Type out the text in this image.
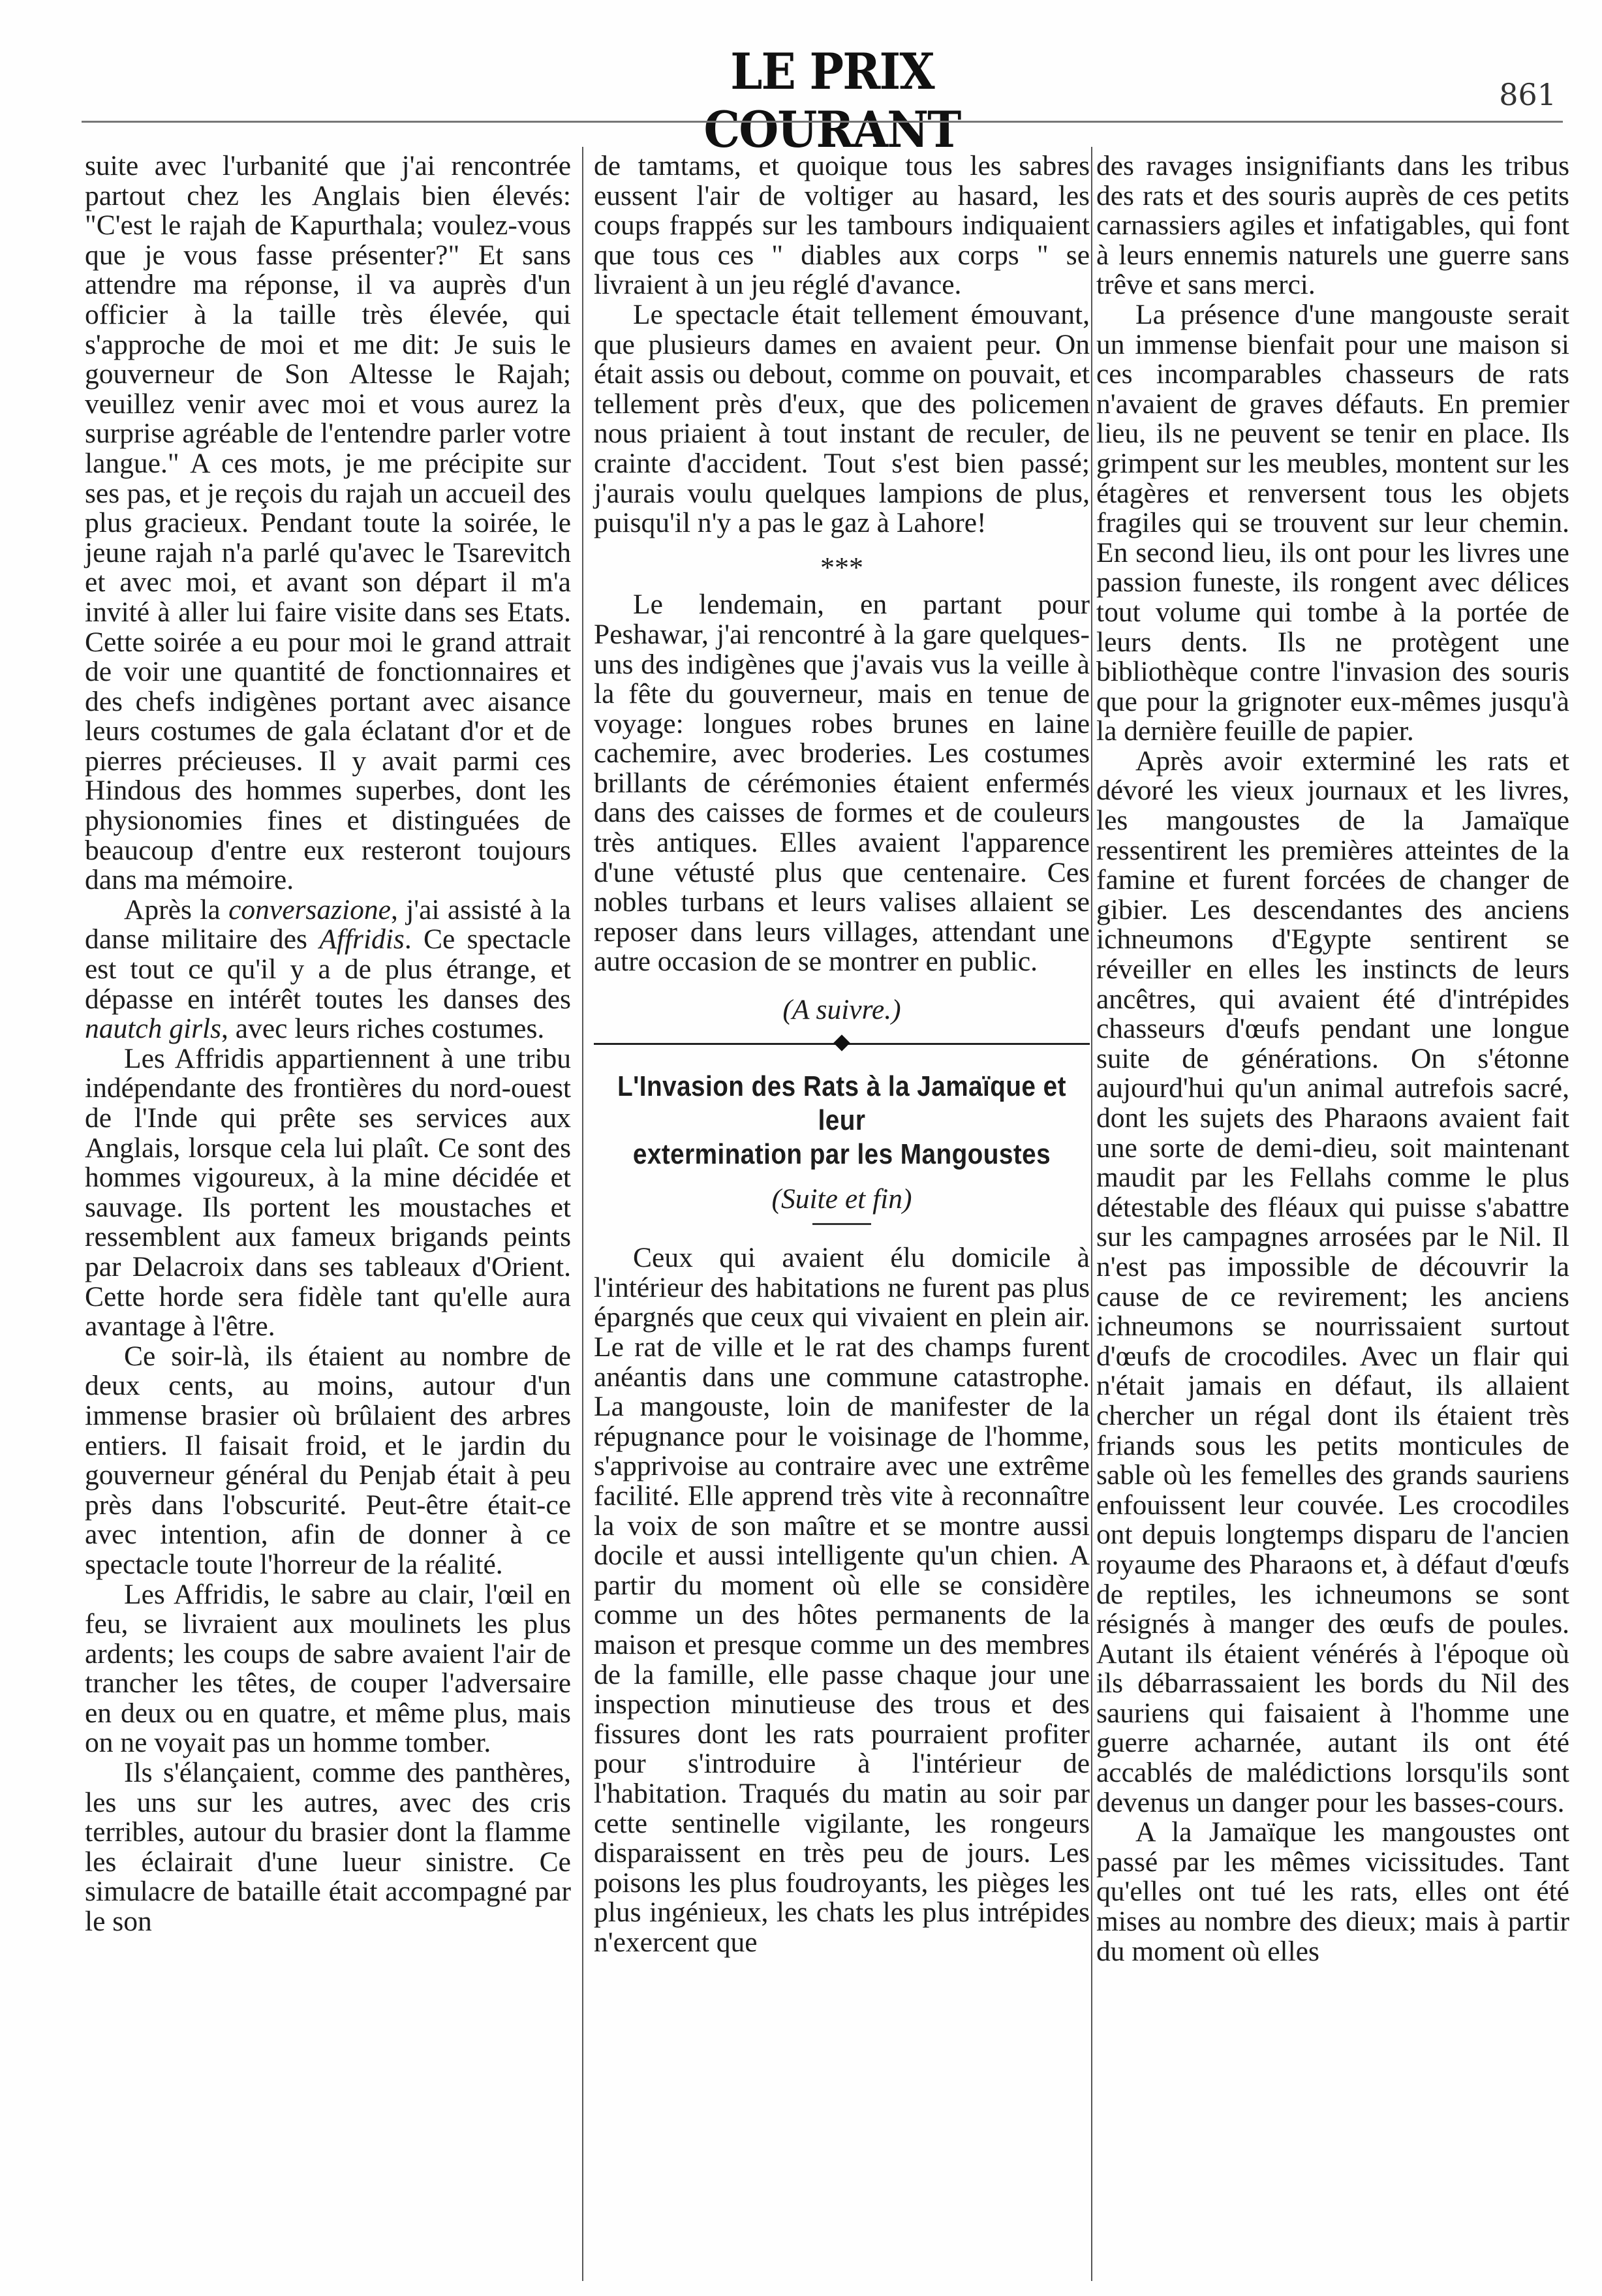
LE PRIX COURANT
861

suite avec l'urbanité que j'ai rencontrée partout chez les Anglais bien élevés: "C'est le rajah de Kapurthala; voulez-vous que je vous fasse présenter?" Et sans attendre ma réponse, il va auprès d'un officier à la taille très élevée, qui s'approche de moi et me dit: Je suis le gouverneur de Son Altesse le Rajah; veuillez venir avec moi et vous aurez la surprise agréable de l'entendre parler votre langue." A ces mots, je me précipite sur ses pas, et je reçois du rajah un accueil des plus gracieux. Pendant toute la soirée, le jeune rajah n'a parlé qu'avec le Tsarevitch et avec moi, et avant son départ il m'a invité à aller lui faire visite dans ses Etats. Cette soirée a eu pour moi le grand attrait de voir une quantité de fonctionnaires et des chefs indigènes portant avec aisance leurs costumes de gala éclatant d'or et de pierres précieuses. Il y avait parmi ces Hindous des hommes superbes, dont les physionomies fines et distinguées de beaucoup d'entre eux resteront toujours dans ma mémoire.

Après la conversazione, j'ai assisté à la danse militaire des Affridis. Ce spectacle est tout ce qu'il y a de plus étrange, et dépasse en intérêt toutes les danses des nautch girls, avec leurs riches costumes.

Les Affridis appartiennent à une tribu indépendante des frontières du nord-ouest de l'Inde qui prête ses services aux Anglais, lorsque cela lui plaît. Ce sont des hommes vigoureux, à la mine décidée et sauvage. Ils portent les moustaches et ressemblent aux fameux brigands peints par Delacroix dans ses tableaux d'Orient. Cette horde sera fidèle tant qu'elle aura avantage à l'être.

Ce soir-là, ils étaient au nombre de deux cents, au moins, autour d'un immense brasier où brûlaient des arbres entiers. Il faisait froid, et le jardin du gouverneur général du Penjab était à peu près dans l'obscurité. Peut-être était-ce avec intention, afin de donner à ce spectacle toute l'horreur de la réalité.

Les Affridis, le sabre au clair, l'œil en feu, se livraient aux moulinets les plus ardents; les coups de sabre avaient l'air de trancher les têtes, de couper l'adversaire en deux ou en quatre, et même plus, mais on ne voyait pas un homme tomber.

Ils s'élançaient, comme des panthères, les uns sur les autres, avec des cris terribles, autour du brasier dont la flamme les éclairait d'une lueur sinistre. Ce simulacre de bataille était accompagné par le son

de tamtams, et quoique tous les sabres eussent l'air de voltiger au hasard, les coups frappés sur les tambours indiquaient que tous ces " diables aux corps " se livraient à un jeu réglé d'avance.

Le spectacle était tellement émouvant, que plusieurs dames en avaient peur. On était assis ou debout, comme on pouvait, et tellement près d'eux, que des policemen nous priaient à tout instant de reculer, de crainte d'accident. Tout s'est bien passé; j'aurais voulu quelques lampions de plus, puisqu'il n'y a pas le gaz à Lahore!

***

Le lendemain, en partant pour Peshawar, j'ai rencontré à la gare quelques-uns des indigènes que j'avais vus la veille à la fête du gouverneur, mais en tenue de voyage: longues robes brunes en laine cachemire, avec broderies. Les costumes brillants de cérémonies étaient enfermés dans des caisses de formes et de couleurs très antiques. Elles avaient l'apparence d'une vétusté plus que centenaire. Ces nobles turbans et leurs valises allaient se reposer dans leurs villages, attendant une autre occasion de se montrer en public.

(A suivre.)
L'Invasion des Rats à la Jamaïque et leur
extermination par les Mangoustes
(Suite et fin)

Ceux qui avaient élu domicile à l'intérieur des habitations ne furent pas plus épargnés que ceux qui vivaient en plein air. Le rat de ville et le rat des champs furent anéantis dans une commune catastrophe. La mangouste, loin de manifester de la répugnance pour le voisinage de l'homme, s'apprivoise au contraire avec une extrême facilité. Elle apprend très vite à reconnaître la voix de son maître et se montre aussi docile et aussi intelligente qu'un chien. A partir du moment où elle se considère comme un des hôtes permanents de la maison et presque comme un des membres de la famille, elle passe chaque jour une inspection minutieuse des trous et des fissures dont les rats pourraient profiter pour s'introduire à l'intérieur de l'habitation. Traqués du matin au soir par cette sentinelle vigilante, les rongeurs disparaissent en très peu de jours. Les poisons les plus foudroyants, les pièges les plus ingénieux, les chats les plus intrépides n'exercent que

des ravages insignifiants dans les tribus des rats et des souris auprès de ces petits carnassiers agiles et infatigables, qui font à leurs ennemis naturels une guerre sans trêve et sans merci.

La présence d'une mangouste serait un immense bienfait pour une maison si ces incomparables chasseurs de rats n'avaient de graves défauts. En premier lieu, ils ne peuvent se tenir en place. Ils grimpent sur les meubles, montent sur les étagères et renversent tous les objets fragiles qui se trouvent sur leur chemin. En second lieu, ils ont pour les livres une passion funeste, ils rongent avec délices tout volume qui tombe à la portée de leurs dents. Ils ne protègent une bibliothèque contre l'invasion des souris que pour la grignoter eux-mêmes jusqu'à la dernière feuille de papier.

Après avoir exterminé les rats et dévoré les vieux journaux et les livres, les mangoustes de la Jamaïque ressentirent les premières atteintes de la famine et furent forcées de changer de gibier. Les descendantes des anciens ichneumons d'Egypte sentirent se réveiller en elles les instincts de leurs ancêtres, qui avaient été d'intrépides chasseurs d'œufs pendant une longue suite de générations. On s'étonne aujourd'hui qu'un animal autrefois sacré, dont les sujets des Pharaons avaient fait une sorte de demi-dieu, soit maintenant maudit par les Fellahs comme le plus détestable des fléaux qui puisse s'abattre sur les campagnes arrosées par le Nil. Il n'est pas impossible de découvrir la cause de ce revirement; les anciens ichneumons se nourrissaient surtout d'œufs de crocodiles. Avec un flair qui n'était jamais en défaut, ils allaient chercher un régal dont ils étaient très friands sous les petits monticules de sable où les femelles des grands sauriens enfouissent leur couvée. Les crocodiles ont depuis longtemps disparu de l'ancien royaume des Pharaons et, à défaut d'œufs de reptiles, les ichneumons se sont résignés à manger des œufs de poules. Autant ils étaient vénérés à l'époque où ils débarrassaient les bords du Nil des sauriens qui faisaient à l'homme une guerre acharnée, autant ils ont été accablés de malédictions lorsqu'ils sont devenus un danger pour les basses-cours.

A la Jamaïque les mangoustes ont passé par les mêmes vicissitudes. Tant qu'elles ont tué les rats, elles ont été mises au nombre des dieux; mais à partir du moment où elles
